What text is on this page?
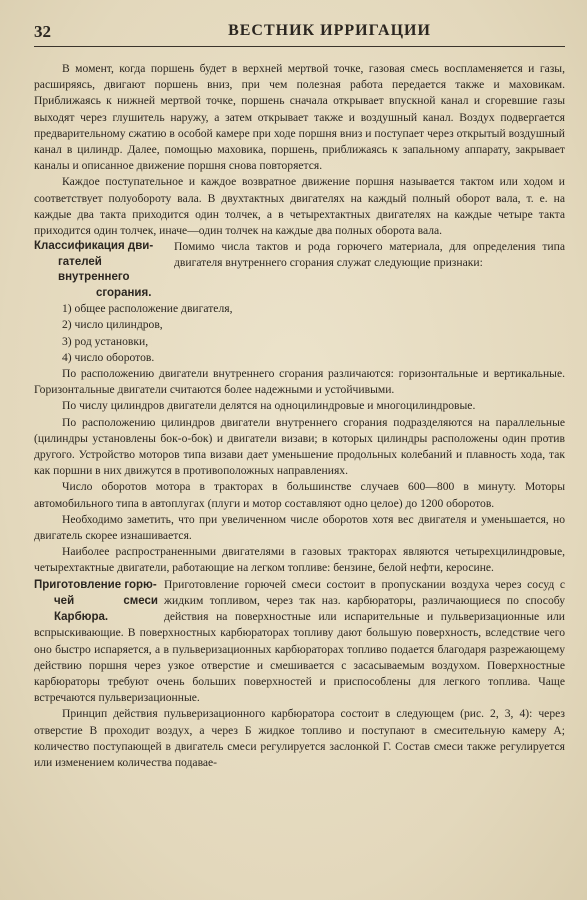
32	ВЕСТНИК ИРРИГАЦИИ

В момент, когда поршень будет в верхней мертвой точке, газовая смесь воспламеняется и газы, расширяясь, двигают поршень вниз, при чем полезная работа передается также и маховикам. Приближаясь к нижней мертвой точке, поршень сначала открывает впускной канал и сгоревшие газы выходят через глушитель наружу, а затем открывает также и воздушный канал. Воздух подвергается предварительному сжатию в особой камере при ходе поршня вниз и поступает через открытый воздушный канал в цилиндр. Далее, помощью маховика, поршень, приближаясь к запальному аппарату, закрывает каналы и описанное движение поршня снова повторяется.

Каждое поступательное и каждое возвратное движение поршня называется тактом или ходом и соответствует полуобороту вала. В двухтактных двигателях на каждый полный оборот вала, т. е. на каждые два такта приходится один толчек, а в четырехтактных двигателях на каждые четыре такта приходится один толчек, иначе—один толчек на каждые два полных оборота вала.

Классификация дви-
гателей внутреннего
сгорания.

Помимо числа тактов и рода горючего материала, для определения типа двигателя внутреннего сгорания служат следующие признаки:

1) общее расположение двигателя,
2) число цилиндров,
3) род установки,
4) число оборотов.

По расположению двигатели внутреннего сгорания различаются: горизонтальные и вертикальные. Горизонтальные двигатели считаются более надежными и устойчивыми.

По числу цилиндров двигатели делятся на одноцилиндровые и многоцилиндровые.

По расположению цилиндров двигатели внутреннего сгорания подразделяются на параллельные (цилиндры установлены бок-о-бок) и двигатели визави; в которых цилиндры расположены один против другого. Устройство моторов типа визави дает уменьшение продольных колебаний и плавность хода, так как поршни в них движутся в противоположных направлениях.

Число оборотов мотора в тракторах в большинстве случаев 600—800 в минуту. Моторы автомобильного типа в автоплугах (плуги и мотор составляют одно целое) до 1200 оборотов.

Необходимо заметить, что при увеличенном числе оборотов хотя вес двигателя и уменьшается, но двигатель скорее изнашивается.

Наиболее распространенными двигателями в газовых тракторах являются четырехцилиндровые, четырехтактные двигатели, работающие на легком топливе: бензине, белой нефти, керосине.

Приготовление горю-
чей смеси Карбюра.

Приготовление горючей смеси состоит в пропускании воздуха через сосуд с жидким топливом, через так наз. карбюраторы, различающиеся по способу действия на поверхностные или испарительные и пульверизационные или вспрыскивающие. В поверхностных карбюраторах топливу дают большую поверхность, вследствие чего оно быстро испаряется, а в пульверизационных карбюраторах топливо подается благодаря разрежающему действию поршня через узкое отверстие и смешивается с засасываемым воздухом. Поверхностные карбюраторы требуют очень больших поверхностей и приспособлены для легкого топлива. Чаще встречаются пульверизационные.

Принцип действия пульверизационного карбюратора состоит в следующем (рис. 2, 3, 4): через отверстие В проходит воздух, а через Б жидкое топливо и поступают в смесительную камеру А; количество поступающей в двигатель смеси регулируется заслонкой Г. Состав смеси также регулируется или изменением количества подавае-
